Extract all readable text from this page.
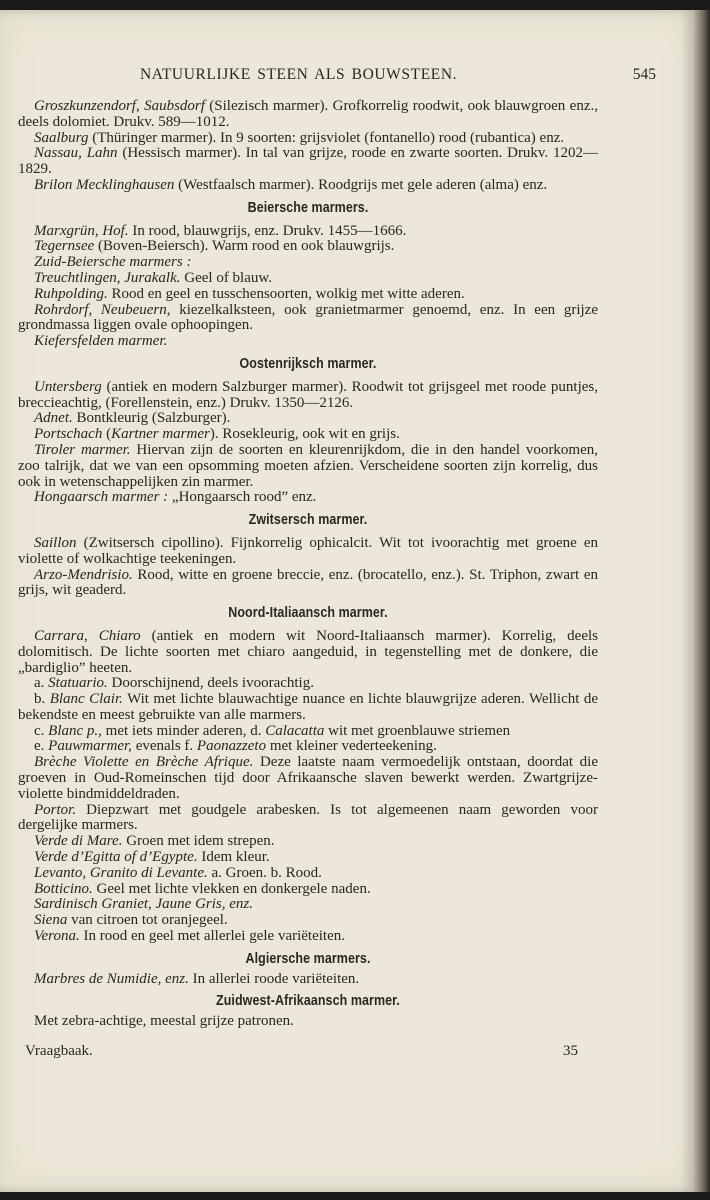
NATUURLIJKE STEEN ALS BOUWSTEEN.	545

Groszkunzendorf, Saubsdorf (Silezisch marmer). Grofkorrelig roodwit, ook blauwgroen enz., deels dolomiet. Drukv. 589—1012.

Saalburg (Thüringer marmer). In 9 soorten: grijsviolet (fontanello) rood (rubantica) enz.

Nassau, Lahn (Hessisch marmer). In tal van grijze, roode en zwarte soorten. Drukv. 1202—1829.

Brilon Mecklinghausen (Westfaalsch marmer). Roodgrijs met gele aderen (alma) enz.

Beiersche marmers.

Marxgrün, Hof. In rood, blauwgrijs, enz. Drukv. 1455—1666.

Tegernsee (Boven-Beiersch). Warm rood en ook blauwgrijs.

Zuid-Beiersche marmers :

Treuchtlingen, Jurakalk. Geel of blauw.

Ruhpolding. Rood en geel en tusschensoorten, wolkig met witte aderen.

Rohrdorf, Neubeuern, kiezelkalksteen, ook granietmarmer genoemd, enz. In een grijze grondmassa liggen ovale ophoopingen.

Kiefersfelden marmer.

Oostenrijksch marmer.

Untersberg (antiek en modern Salzburger marmer). Roodwit tot grijsgeel met roode puntjes, breccieachtig, (Forellenstein, enz.) Drukv. 1350—2126.

Adnet. Bontkleurig (Salzburger).

Portschach (Kartner marmer). Rosekleurig, ook wit en grijs.

Tiroler marmer. Hiervan zijn de soorten en kleurenrijkdom, die in den handel voorkomen, zoo talrijk, dat we van een opsomming moeten afzien. Verscheidene soorten zijn korrelig, dus ook in wetenschappelijken zin marmer.

Hongaarsch marmer : „Hongaarsch rood” enz.

Zwitsersch marmer.

Saillon (Zwitsersch cipollino). Fijnkorrelig ophicalcit. Wit tot ivoorachtig met groene en violette of wolkachtige teekeningen.

Arzo-Mendrisio. Rood, witte en groene breccie, enz. (brocatello, enz.). St. Triphon, zwart en grijs, wit geaderd.

Noord-Italiaansch marmer.

Carrara, Chiaro (antiek en modern wit Noord-Italiaansch marmer). Korrelig, deels dolomitisch. De lichte soorten met chiaro aangeduid, in tegenstelling met de donkere, die „bardiglio” heeten.

a. Statuario. Doorschijnend, deels ivoorachtig.

b. Blanc Clair. Wit met lichte blauwachtige nuance en lichte blauwgrijze aderen. Wellicht de bekendste en meest gebruikte van alle marmers.

c. Blanc p., met iets minder aderen, d. Calacatta wit met groenblauwe striemen

e. Pauwmarmer, evenals f. Paonazzeto met kleiner vederteekening.

Brèche Violette en Brèche Afrique. Deze laatste naam vermoedelijk ontstaan, doordat die groeven in Oud-Romeinschen tijd door Afrikaansche slaven bewerkt werden. Zwartgrijze-violette bindmiddeldraden.

Portor. Diepzwart met goudgele arabesken. Is tot algemeenen naam geworden voor dergelijke marmers.

Verde di Mare. Groen met idem strepen.

Verde d’Egitta of d’Egypte. Idem kleur.

Levanto, Granito di Levante. a. Groen. b. Rood.

Botticino. Geel met lichte vlekken en donkergele naden.

Sardinisch Graniet, Jaune Gris, enz.

Siena van citroen tot oranjegeel.

Verona. In rood en geel met allerlei gele variëteiten.

Algiersche marmers.

Marbres de Numidie, enz. In allerlei roode variëteiten.

Zuidwest-Afrikaansch marmer.

Met zebra-achtige, meestal grijze patronen.

Vraagbaak.	35
